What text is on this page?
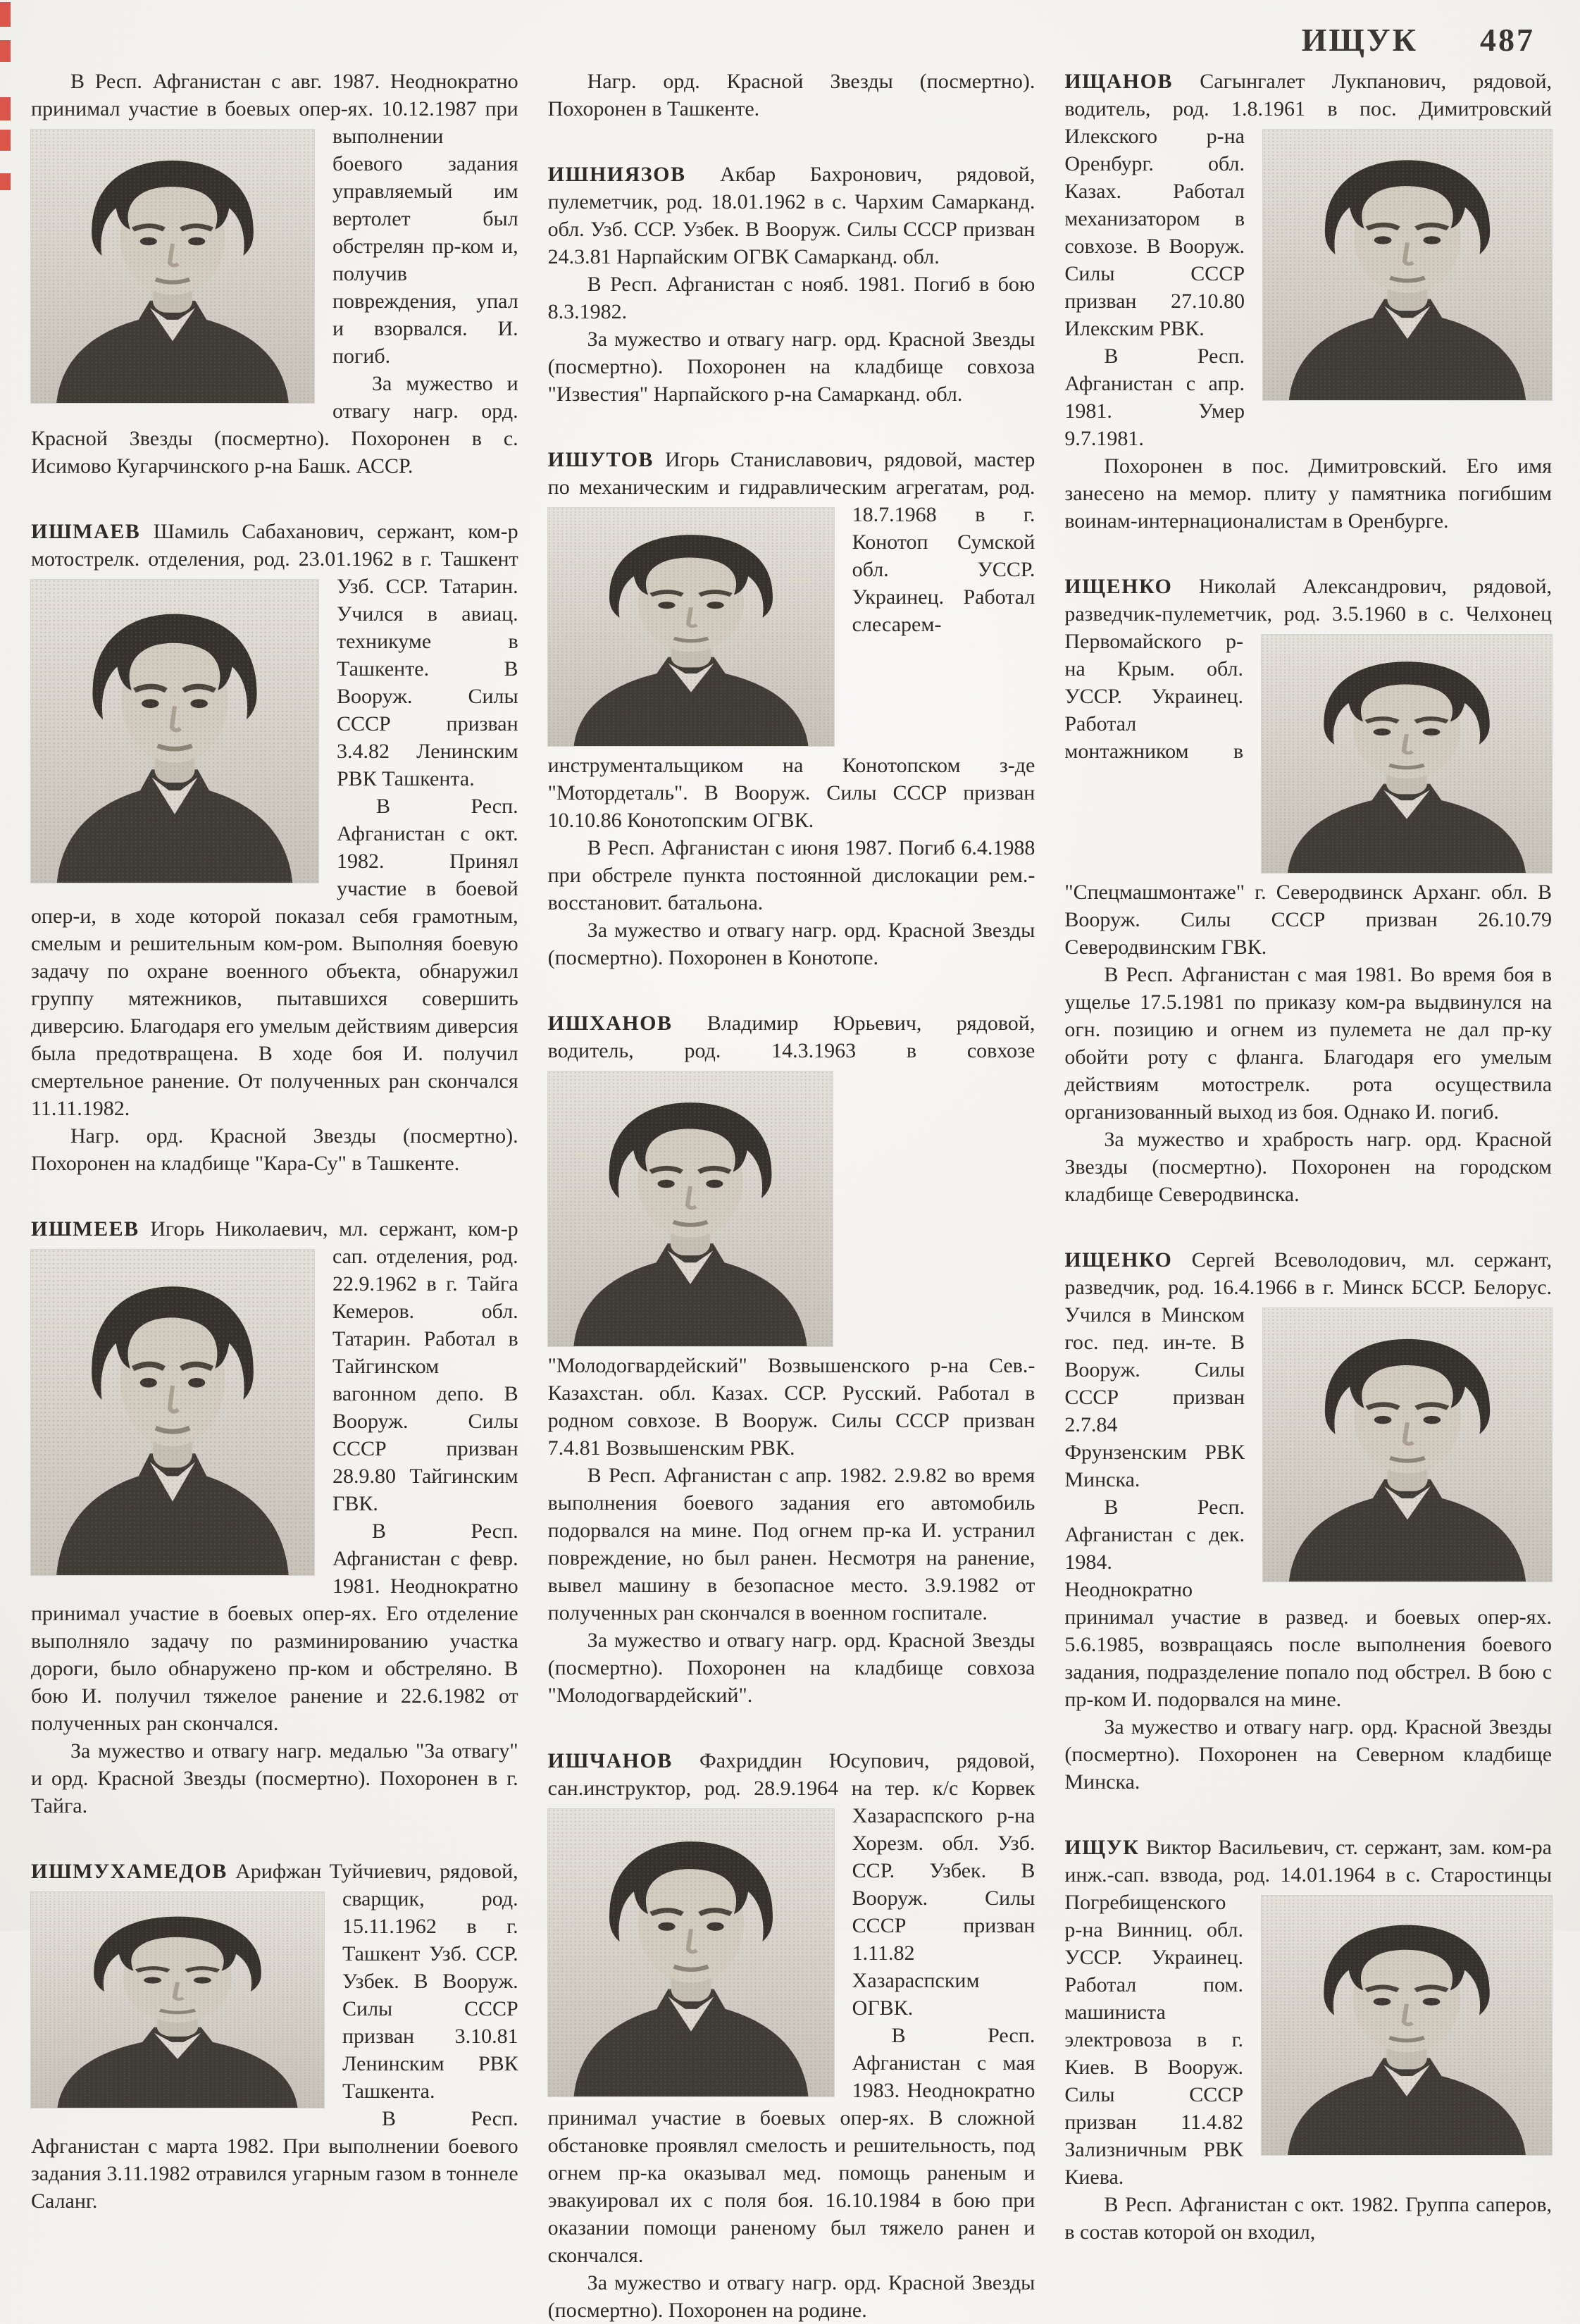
ИЩУК 487

В Респ. Афганистан с авг. 1987. Неоднократно принимал участие в боевых опер-ях.
10.12.1987 при выполнении боевого задания управляемый им вертолет был обстрелян пр-ком и, получив повреждения, упал и взорвался. И. погиб.

За мужество и отвагу нагр. орд. Красной Звезды (посмертно). Похоронен в с. Исимово Кугарчинского р-на Башк. АССР.

ИШМАЕВ Шамиль Сабаханович, сержант, ком-р мотострелк. отделения, род.
23.01.1962 в г. Ташкент Узб. ССР. Татарин. Учился в авиац. техникуме в Ташкенте. В Вооруж. Силы СССР призван 3.4.82 Ленинским РВК Ташкента.

В Респ. Афганистан с окт. 1982. Принял участие в боевой опер-и, в ходе которой показал себя грамотным, смелым и решительным ком-ром. Выполняя боевую задачу по охране военного объекта, обнаружил группу мятежников, пытавшихся совершить диверсию. Благодаря его умелым действиям диверсия была предотвращена. В ходе боя И. получил смертельное ранение. От полученных ран скончался 11.11.1982.

Нагр. орд. Красной Звезды (посмертно). Похоронен на кладбище "Кара-Су" в Ташкенте.

ИШМЕЕВ Игорь Николаевич, мл. сержант, ком-р сап. отделения, род.
22.9.1962 в г. Тайга Кемеров. обл. Татарин. Работал в Тайгинском вагонном депо. В Вооруж. Силы СССР призван 28.9.80 Тайгинским ГВК.

В Респ. Афганистан с февр. 1981. Неоднократно принимал участие в боевых опер-ях. Его отделение выполняло задачу по разминированию участка дороги, было обнаружено пр-ком и обстреляно. В бою И. получил тяжелое ранение и 22.6.1982 от полученных ран скончался.

За мужество и отвагу нагр. медалью "За отвагу" и орд. Красной Звезды (посмертно). Похоронен в г. Тайга.

ИШМУХАМЕДОВ Арифжан Туйчиевич,
рядовой, сварщик, род. 15.11.1962 в г. Ташкент Узб. ССР. Узбек. В Вооруж. Силы СССР призван 3.10.81 Ленинским РВК Ташкента.

В Респ. Афганистан с марта 1982. При выполнении боевого задания 3.11.1982 отравился угарным газом в тоннеле Саланг.

Нагр. орд. Красной Звезды (посмертно). Похоронен в Ташкенте.

ИШНИЯЗОВ Акбар Бахронович, рядовой, пулеметчик, род. 18.01.1962 в с. Чархим Самарканд. обл. Узб. ССР. Узбек. В Вооруж. Силы СССР призван 24.3.81 Нарпайским ОГВК Самарканд. обл.

В Респ. Афганистан с нояб. 1981. Погиб в бою 8.3.1982.

За мужество и отвагу нагр. орд. Красной Звезды (посмертно). Похоронен на кладбище совхоза "Известия" Нарпайского р-на Самарканд. обл.

ИШУТОВ Игорь Станиславович, рядовой, мастер по механическим и гидравлическим
агрегатам, род. 18.7.1968 в г. Конотоп Сумской обл. УССР. Украинец. Работал слесарем-инструментальщиком на Конотопском з-де "Мотордеталь". В Вооруж. Силы СССР призван 10.10.86 Конотопским ОГВК.

В Респ. Афганистан с июня 1987. Погиб 6.4.1988 при обстреле пункта постоянной дислокации рем.-восстановит. батальона.

За мужество и отвагу нагр. орд. Красной Звезды (посмертно). Похоронен в Конотопе.

ИШХАНОВ Владимир Юрьевич, рядовой, водитель, род. 14.3.1963 в совхозе
"Молодогвардейский" Возвышенского р-на Сев.-Казахстан. обл. Казах. ССР. Русский. Работал в родном совхозе. В Вооруж. Силы СССР призван 7.4.81 Возвышенским РВК.

В Респ. Афганистан с апр. 1982. 2.9.82 во время выполнения боевого задания его автомобиль подорвался на мине. Под огнем пр-ка И. устранил повреждение, но был ранен. Несмотря на ранение, вывел машину в безопасное место. 3.9.1982 от полученных ран скончался в военном госпитале.

За мужество и отвагу нагр. орд. Красной Звезды (посмертно). Похоронен на кладбище совхоза "Молодогвардейский".

ИШЧАНОВ Фахриддин Юсупович, рядовой, сан.инструктор, род. 28.9.1964 на
тер. к/с Корвек Хазараспского р-на Хорезм. обл. Узб. ССР. Узбек. В Вооруж. Силы СССР призван 1.11.82 Хазараспским ОГВК.

В Респ. Афганистан с мая 1983. Неоднократно принимал участие в боевых опер-ях. В сложной обстановке проявлял смелость и решительность, под огнем пр-ка оказывал мед. помощь раненым и эвакуировал их с поля боя. 16.10.1984 в бою при оказании помощи раненому был тяжело ранен и скончался.

За мужество и отвагу нагр. орд. Красной Звезды (посмертно). Похоронен на родине.

ИЩАНОВ Сагынгалет Лукпанович, рядовой, водитель, род. 1.8.1961 в пос.
Димитровский Илекского р-на Оренбург. обл. Казах. Работал механизатором в совхозе. В Вооруж. Силы СССР призван 27.10.80 Илекским РВК.

В Респ. Афганистан с апр. 1981. Умер 9.7.1981.

Похоронен в пос. Димитровский. Его имя занесено на мемор. плиту у памятника погибшим воинам-интернационалистам в Оренбурге.

ИЩЕНКО Николай Александрович, рядовой, разведчик-пулеметчик, род. 3.5.1960
в с. Челхонец Первомайского р-на Крым. обл. УССР. Украинец. Работал монтажником в "Спецмашмонтаже" г. Северодвинск Арханг. обл. В Вооруж. Силы СССР призван 26.10.79 Северодвинским ГВК.

В Респ. Афганистан с мая 1981. Во время боя в ущелье 17.5.1981 по приказу ком-ра выдвинулся на огн. позицию и огнем из пулемета не дал пр-ку обойти роту с фланга. Благодаря его умелым действиям мотострелк. рота осуществила организованный выход из боя. Однако И. погиб.

За мужество и храбрость нагр. орд. Красной Звезды (посмертно). Похоронен на городском кладбище Северодвинска.

ИЩЕНКО Сергей Всеволодович, мл. сержант, разведчик, род. 16.4.1966 в г.
Минск БССР. Белорус. Учился в Минском гос. пед. ин-те. В Вооруж. Силы СССР призван 2.7.84 Фрунзенским РВК Минска.

В Респ. Афганистан с дек. 1984. Неоднократно принимал участие в развед. и боевых опер-ях. 5.6.1985, возвращаясь после выполнения боевого задания, подразделение попало под обстрел. В бою с пр-ком И. подорвался на мине.

За мужество и отвагу нагр. орд. Красной Звезды (посмертно). Похоронен на Северном кладбище Минска.

ИЩУК Виктор Васильевич, ст. сержант, зам. ком-ра инж.-сап. взвода, род.
14.01.1964 в с. Старостинцы Погребищенского р-на Винниц. обл. УССР. Украинец. Работал пом. машиниста электровоза в г. Киев. В Вооруж. Силы СССР призван 11.4.82 Зализничным РВК Киева.

В Респ. Афганистан с окт. 1982. Группа саперов, в состав которой он входил,
